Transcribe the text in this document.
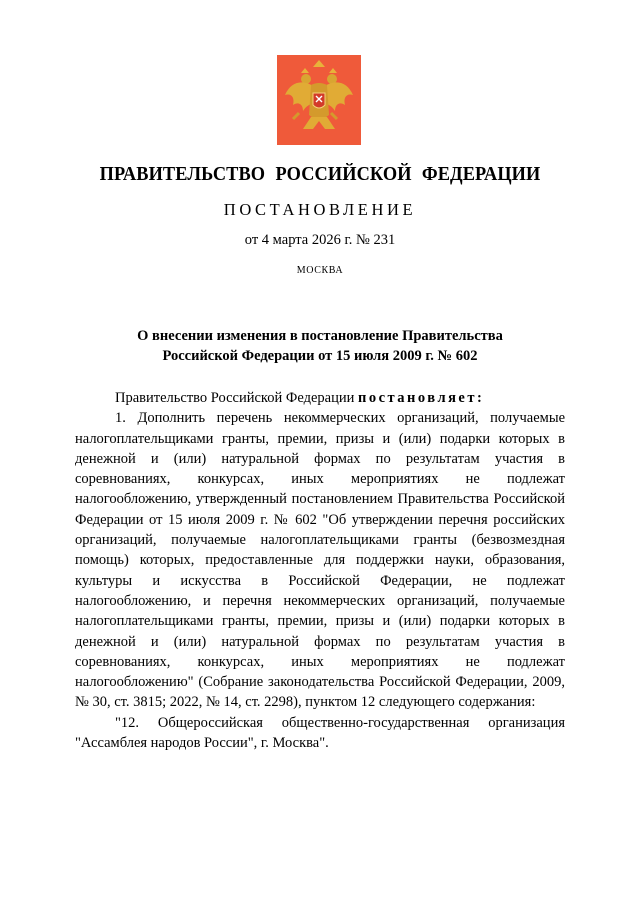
ПРАВИТЕЛЬСТВО РОССИЙСКОЙ ФЕДЕРАЦИИ
ПОСТАНОВЛЕНИЕ
от 4 марта 2026 г. № 231
МОСКВА
О внесении изменения в постановление Правительства
Российской Федерации от 15 июля 2009 г. № 602

Правительство Российской Федерации постановляет:

1. Дополнить перечень некоммерческих организаций, получаемые налогоплательщиками гранты, премии, призы и (или) подарки которых в денежной и (или) натуральной формах по результатам участия в соревнованиях, конкурсах, иных мероприятиях не подлежат налогообложению, утвержденный постановлением Правительства Российской Федерации от 15 июля 2009 г. № 602 "Об утверждении перечня российских организаций, получаемые налогоплательщиками гранты (безвозмездная помощь) которых, предоставленные для поддержки науки, образования, культуры и искусства в Российской Федерации, не подлежат налогообложению, и перечня некоммерческих организаций, получаемые налогоплательщиками гранты, премии, призы и (или) подарки которых в денежной и (или) натуральной формах по результатам участия в соревнованиях, конкурсах, иных мероприятиях не подлежат налогообложению" (Собрание законодательства Российской Федерации, 2009, № 30, ст. 3815; 2022, № 14, ст. 2298), пунктом 12 следующего содержания:

"12. Общероссийская общественно-государственная организация "Ассамблея народов России", г. Москва".
